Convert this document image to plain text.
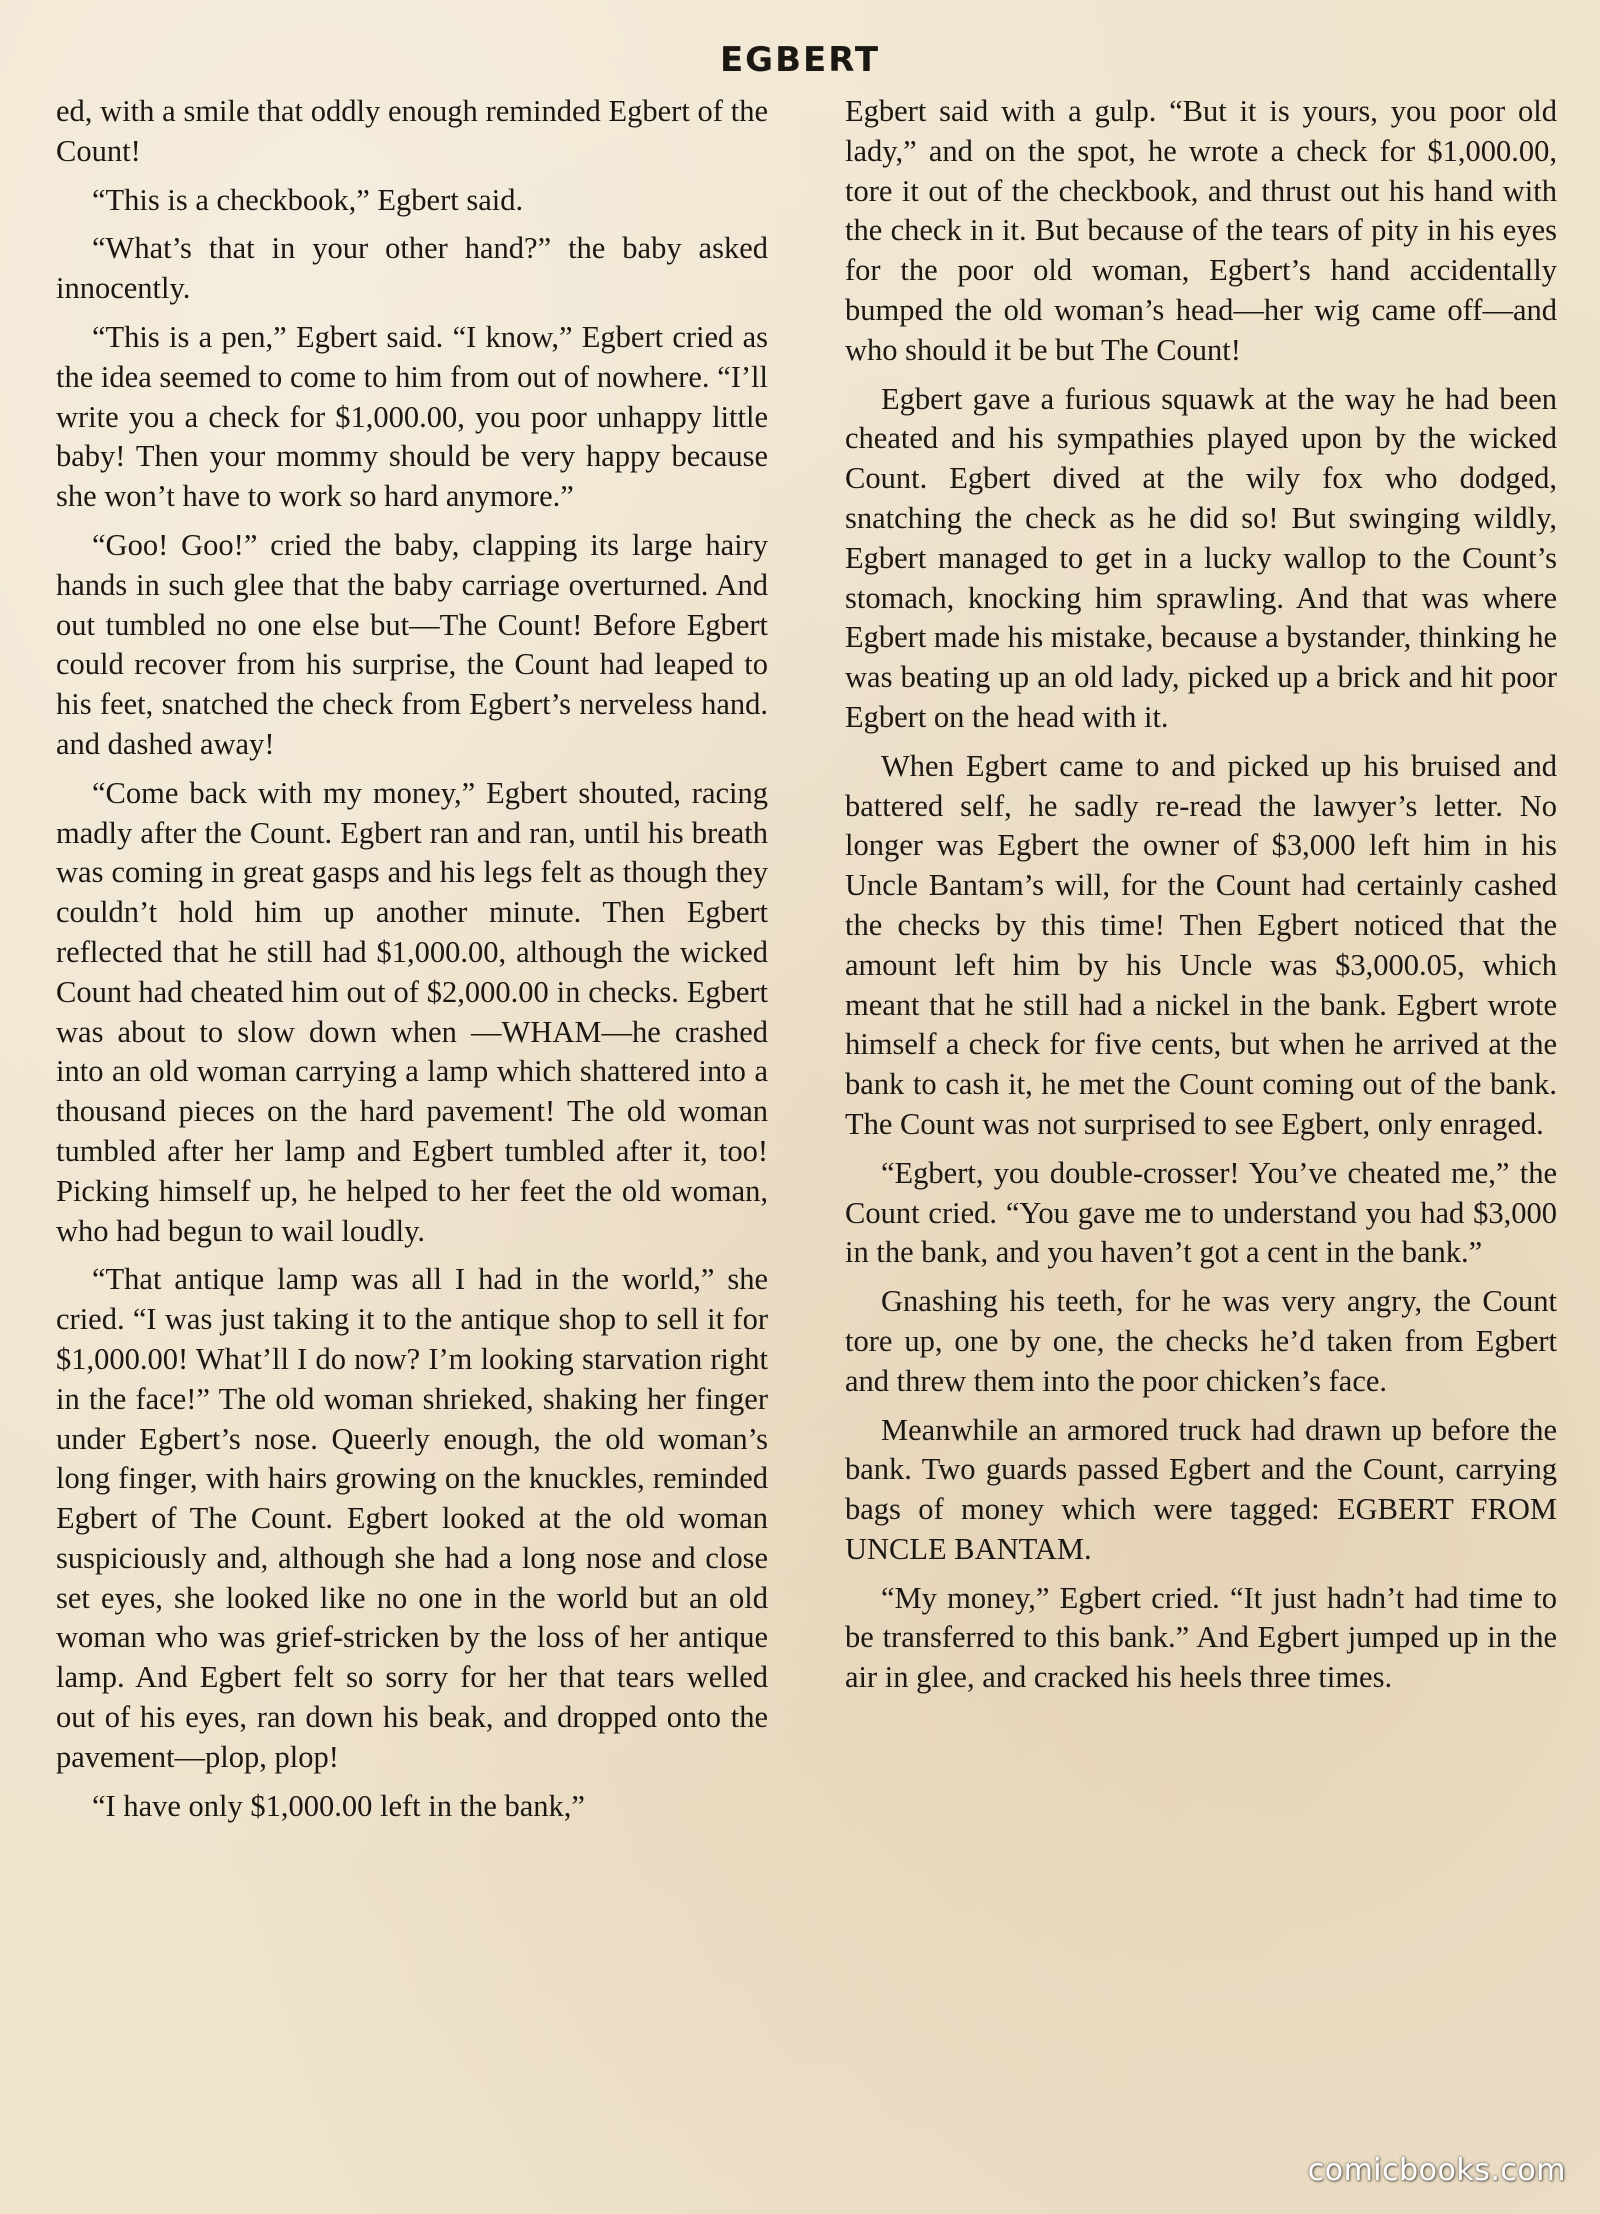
EGBERT

ed, with a smile that oddly enough reminded Egbert of the Count!

“This is a checkbook,” Egbert said.

“What’s that in your other hand?” the baby asked innocently.

“This is a pen,” Egbert said. “I know,” Egbert cried as the idea seemed to come to him from out of nowhere. “I’ll write you a check for $1,000.00, you poor unhappy little baby! Then your mommy should be very happy because she won’t have to work so hard anymore.”

“Goo! Goo!” cried the baby, clapping its large hairy hands in such glee that the baby carriage overturned. And out tumbled no one else but—The Count! Before Egbert could recover from his surprise, the Count had leaped to his feet, snatched the check from Egbert’s nerveless hand. and dashed away!

“Come back with my money,” Egbert shouted, racing madly after the Count. Egbert ran and ran, until his breath was coming in great gasps and his legs felt as though they couldn’t hold him up another minute. Then Egbert reflected that he still had $1,000.00, although the wicked Count had cheated him out of $2,000.00 in checks. Egbert was about to slow down when —WHAM—he crashed into an old woman carrying a lamp which shattered into a thousand pieces on the hard pavement! The old woman tumbled after her lamp and Egbert tumbled after it, too! Picking himself up, he helped to her feet the old woman, who had begun to wail loudly.

“That antique lamp was all I had in the world,” she cried. “I was just taking it to the antique shop to sell it for $1,000.00! What’ll I do now? I’m looking starvation right in the face!” The old woman shrieked, shaking her finger under Egbert’s nose. Queerly enough, the old woman’s long finger, with hairs growing on the knuckles, reminded Egbert of The Count. Egbert looked at the old woman suspiciously and, although she had a long nose and close set eyes, she looked like no one in the world but an old woman who was grief-stricken by the loss of her antique lamp. And Egbert felt so sorry for her that tears welled out of his eyes, ran down his beak, and dropped onto the pavement—plop, plop!

“I have only $1,000.00 left in the bank,”

Egbert said with a gulp. “But it is yours, you poor old lady,” and on the spot, he wrote a check for $1,000.00, tore it out of the checkbook, and thrust out his hand with the check in it. But because of the tears of pity in his eyes for the poor old woman, Egbert’s hand accidentally bumped the old woman’s head—her wig came off—and who should it be but The Count!

Egbert gave a furious squawk at the way he had been cheated and his sympathies played upon by the wicked Count. Egbert dived at the wily fox who dodged, snatching the check as he did so! But swinging wildly, Egbert managed to get in a lucky wallop to the Count’s stomach, knocking him sprawling. And that was where Egbert made his mistake, because a bystander, thinking he was beating up an old lady, picked up a brick and hit poor Egbert on the head with it.

When Egbert came to and picked up his bruised and battered self, he sadly re-read the lawyer’s letter. No longer was Egbert the owner of $3,000 left him in his Uncle Bantam’s will, for the Count had certainly cashed the checks by this time! Then Egbert noticed that the amount left him by his Uncle was $3,000.05, which meant that he still had a nickel in the bank. Egbert wrote himself a check for five cents, but when he arrived at the bank to cash it, he met the Count coming out of the bank. The Count was not surprised to see Egbert, only enraged.

“Egbert, you double-crosser! You’ve cheated me,” the Count cried. “You gave me to understand you had $3,000 in the bank, and you haven’t got a cent in the bank.”

Gnashing his teeth, for he was very angry, the Count tore up, one by one, the checks he’d taken from Egbert and threw them into the poor chicken’s face.

Meanwhile an armored truck had drawn up before the bank. Two guards passed Egbert and the Count, carrying bags of money which were tagged: EGBERT FROM UNCLE BANTAM.

“My money,” Egbert cried. “It just hadn’t had time to be transferred to this bank.” And Egbert jumped up in the air in glee, and cracked his heels three times.

comicbooks.com
